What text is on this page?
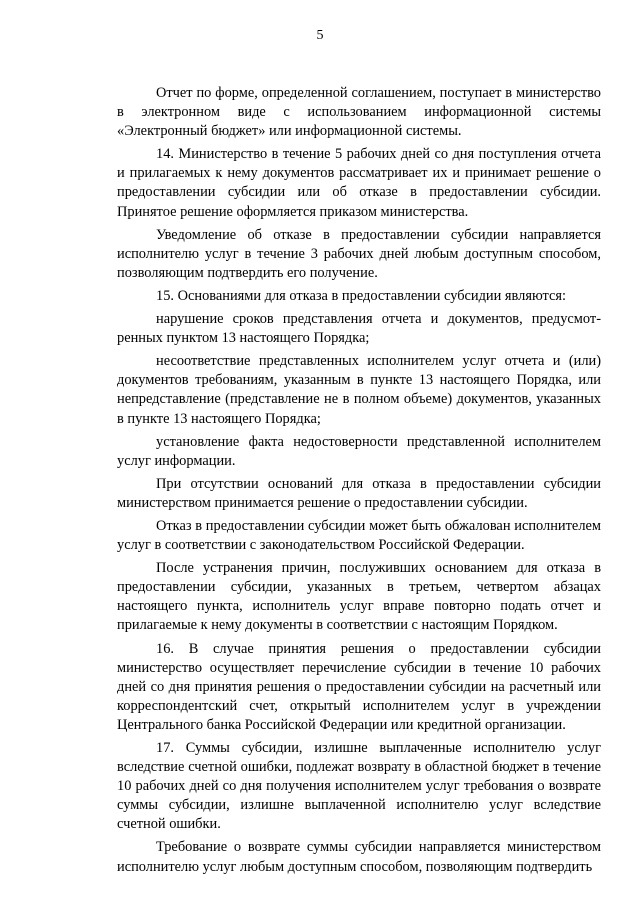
5

Отчет по форме, определенной соглашением, поступает в министерство в электронном виде с использованием информационной системы «Электронный бюджет» или информационной системы.

14. Министерство в течение 5 рабочих дней со дня поступления отчета и прилагаемых к нему документов рассматривает их и принимает решение о предоставлении субсидии или об отказе в предоставлении субсидии. Принятое решение оформляется приказом министерства.

Уведомление об отказе в предоставлении субсидии направляется исполнителю услуг в течение 3 рабочих дней любым доступным способом, позволяющим подтвердить его получение.

15. Основаниями для отказа в предоставлении субсидии являются:

нарушение сроков представления отчета и документов, предусмотренных пунктом 13 настоящего Порядка;

несоответствие представленных исполнителем услуг отчета и (или) документов требованиям, указанным в пункте 13 настоящего Порядка, или непредставление (представление не в полном объеме) документов, указанных в пункте 13 настоящего Порядка;

установление факта недостоверности представленной исполнителем услуг информации.

При отсутствии оснований для отказа в предоставлении субсидии министерством принимается решение о предоставлении субсидии.

Отказ в предоставлении субсидии может быть обжалован исполнителем услуг в соответствии с законодательством Российской Федерации.

После устранения причин, послуживших основанием для отказа в предоставлении субсидии, указанных в третьем, четвертом абзацах настоящего пункта, исполнитель услуг вправе повторно подать отчет и прилагаемые к нему документы в соответствии с настоящим Порядком.

16. В случае принятия решения о предоставлении субсидии министерство осуществляет перечисление субсидии в течение 10 рабочих дней со дня принятия решения о предоставлении субсидии на расчетный или корреспондентский счет, открытый исполнителем услуг в учреждении Центрального банка Российской Федерации или кредитной организации.

17. Суммы субсидии, излишне выплаченные исполнителю услуг вследствие счетной ошибки, подлежат возврату в областной бюджет в течение 10 рабочих дней со дня получения исполнителем услуг требования о возврате суммы субсидии, излишне выплаченной исполнителю услуг вследствие счетной ошибки.

Требование о возврате суммы субсидии направляется министерством исполнителю услуг любым доступным способом, позволяющим подтвердить
